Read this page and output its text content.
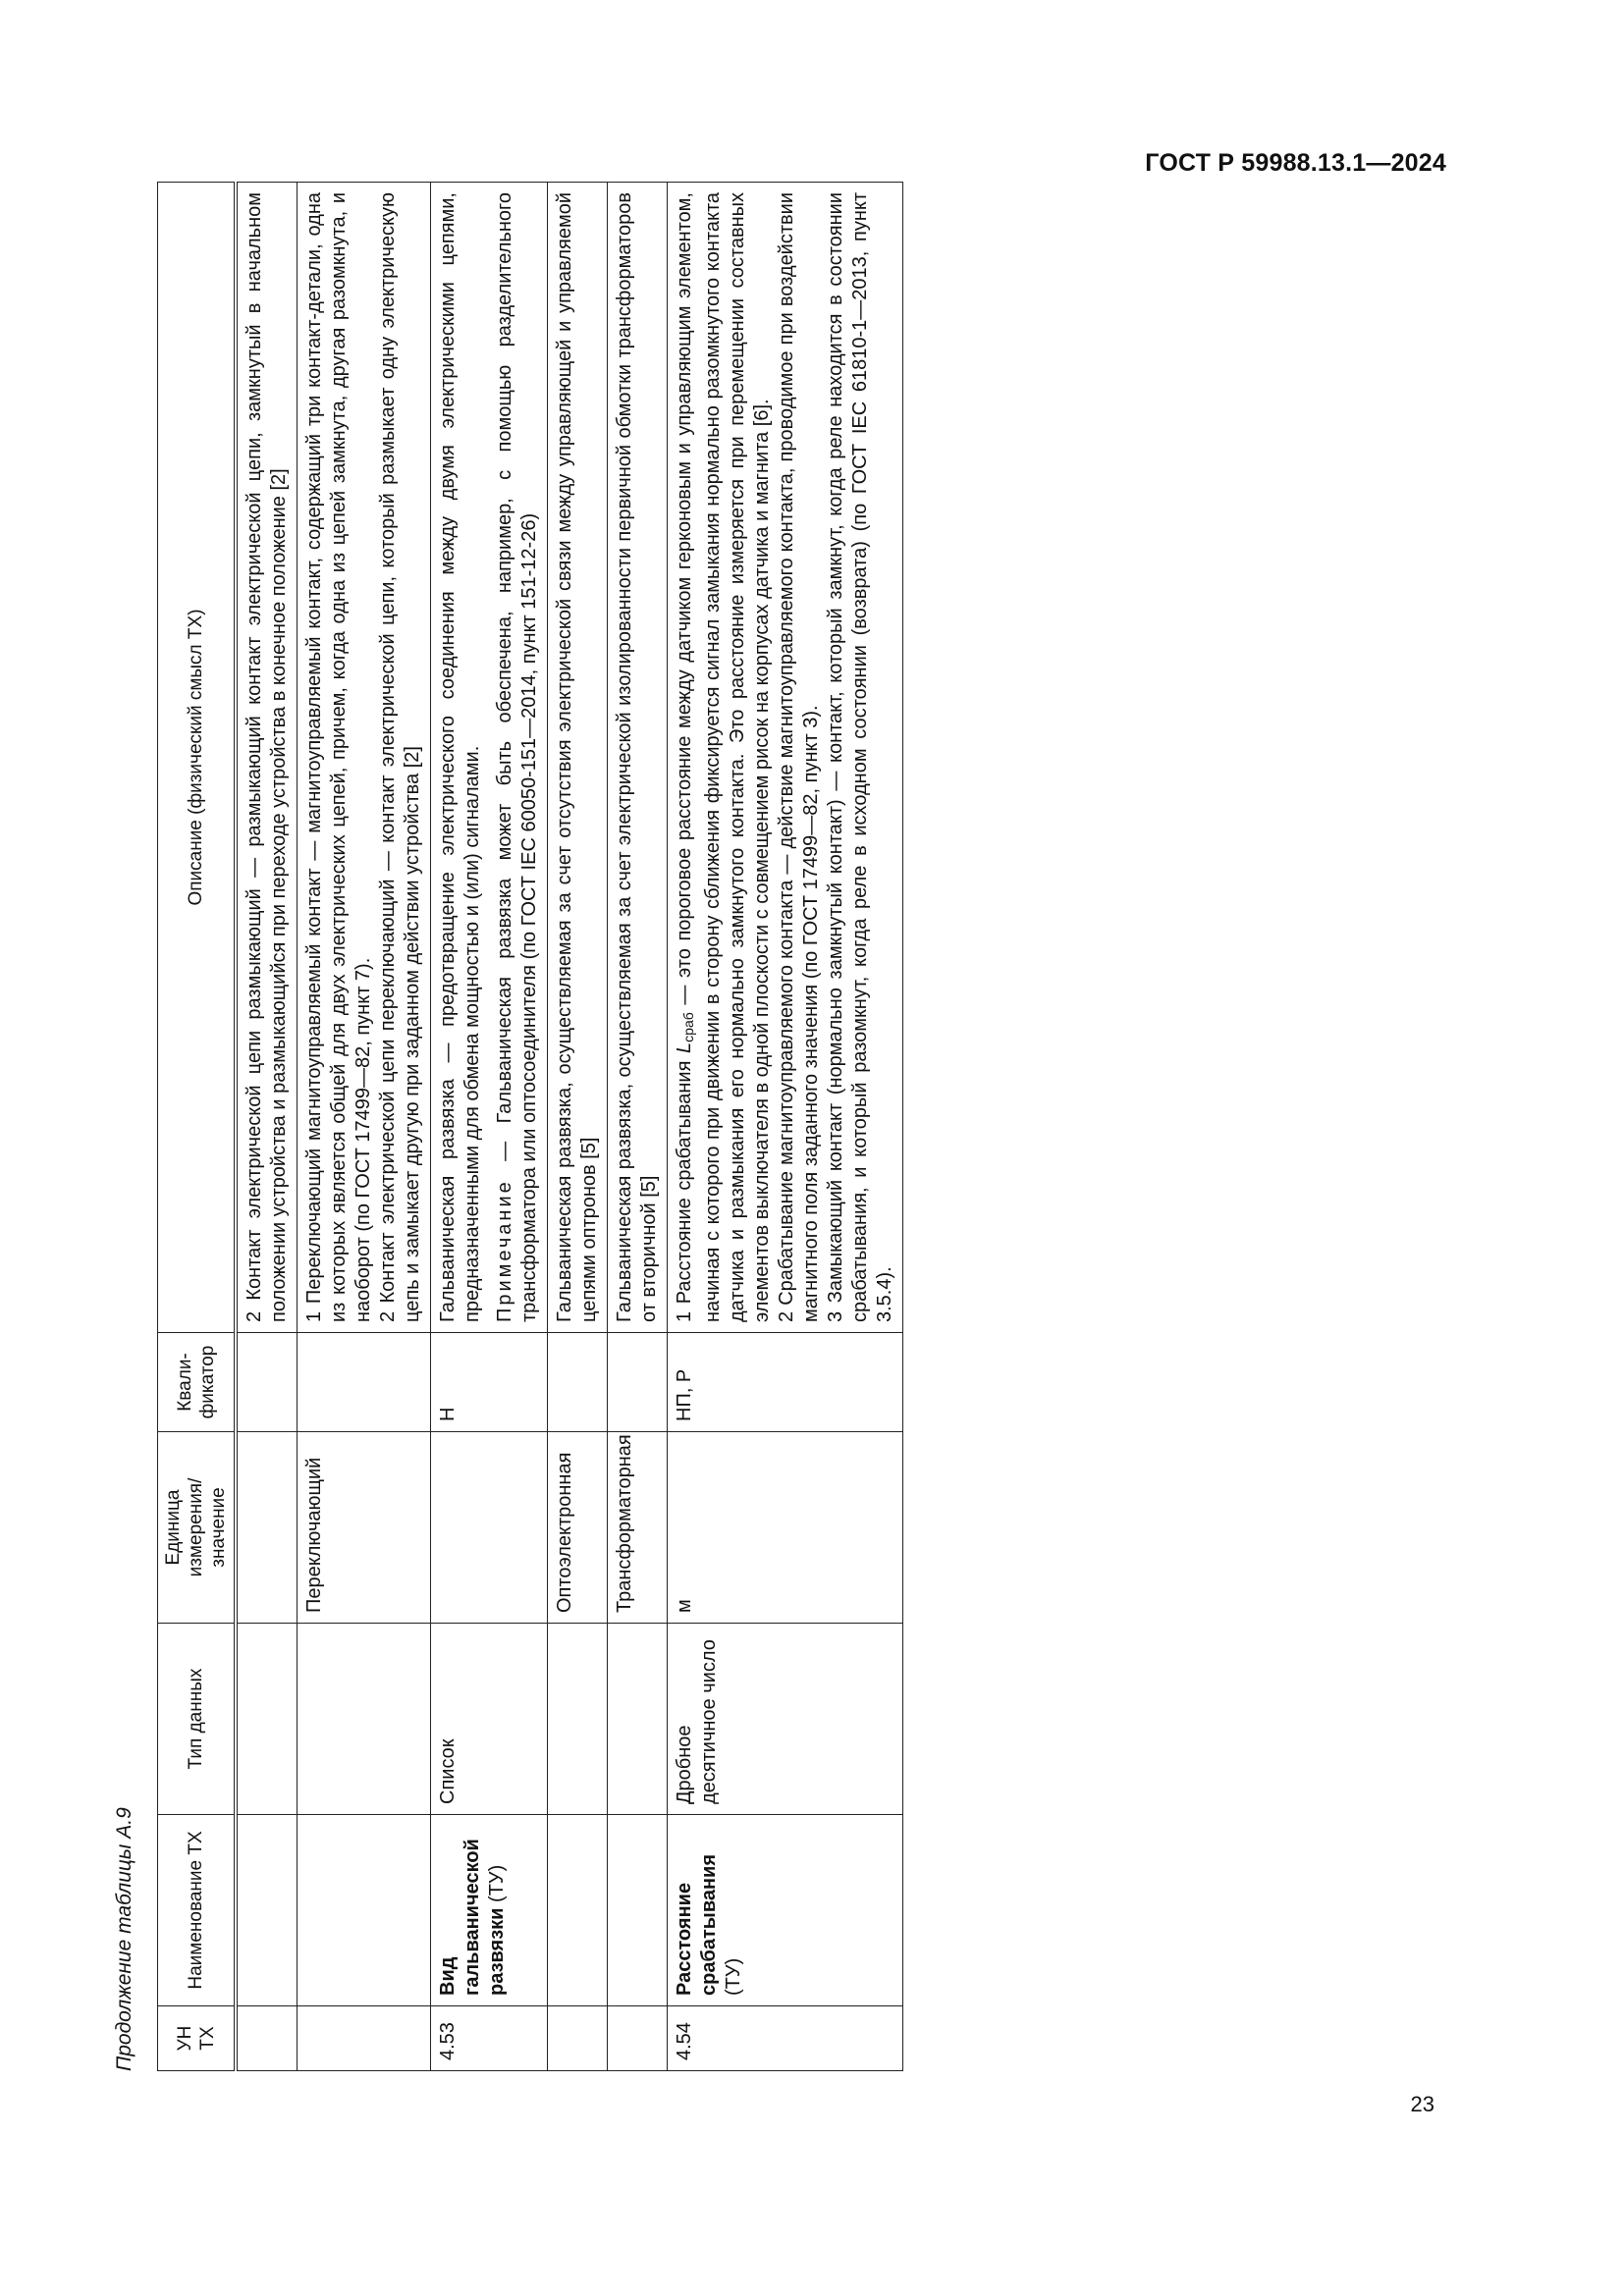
ГОСТ Р 59988.13.1—2024
Продолжение таблицы А.9 УН ТХ	Наименование ТХ	Тип данных	Единица измерения/ значение	Квали-фикатор	Описание (физический смысл ТХ)

					2 Контакт электрической цепи размыкающий — размыкающий контакт электрической цепи, замкнутый в начальном положении устройства и размыкающийся при переходе устройства в конечное положение [2]

			Переключающий		1 Переключающий магнитоуправляемый контакт — магнитоуправляемый контакт, содержащий три контакт-детали, одна из которых является общей для двух электрических цепей, причем, когда одна из цепей замкнута, другая разомкнута, и наоборот (по ГОСТ 17499—82, пункт 7). 2 Контакт электрической цепи переключающий — контакт электрической цепи, который размыкает одну электрическую цепь и замыкает другую при заданном действии устройства [2]

4.53	Вид гальванической развязки (ТУ)	Список		Н	Гальваническая развязка — предотвращение электрического соединения между двумя электрическими цепями, предназначенными для обмена мощностью и (или) сигналами. Примечание — Гальваническая развязка может быть обеспечена, например, с помощью разделительного трансформатора или оптосоединителя (по ГОСТ IEC 60050-151—2014, пункт 151-12-26)

			Оптоэлектронная		Гальваническая развязка, осуществляемая за счет отсутствия электрической связи между управляющей и управляемой цепями оптронов [5]

			Трансформаторная		Гальваническая развязка, осуществляемая за счет электрической изолированности первичной обмотки трансформаторов от вторичной [5]

4.54	Расстояние срабатывания (ТУ)	Дробное десятичное число	м	НП, Р	1 Расстояние срабатывания $L_{сраб}$ — это пороговое расстояние между датчиком герконовым и управляющим элементом, начиная с которого при движении в сторону сближения фиксируется сигнал замыкания нормально разомкнутого контакта датчика и размыкания его нормально замкнутого контакта. Это расстояние измеряется при перемещении составных элементов выключателя в одной плоскости с совмещением рисок на корпусах датчика и магнита [6]. 2 Срабатывание магнитоуправляемого контакта — действие магнитоуправляемого контакта, проводимое при воздействии магнитного поля заданного значения (по ГОСТ 17499—82, пункт 3). 3 Замыкающий контакт (нормально замкнутый контакт) — контакт, который замкнут, когда реле находится в состоянии срабатывания, и который разомкнут, когда реле в исходном состоянии (возврата) (по ГОСТ IEC 61810-1—2013, пункт 3.5.4).

23
